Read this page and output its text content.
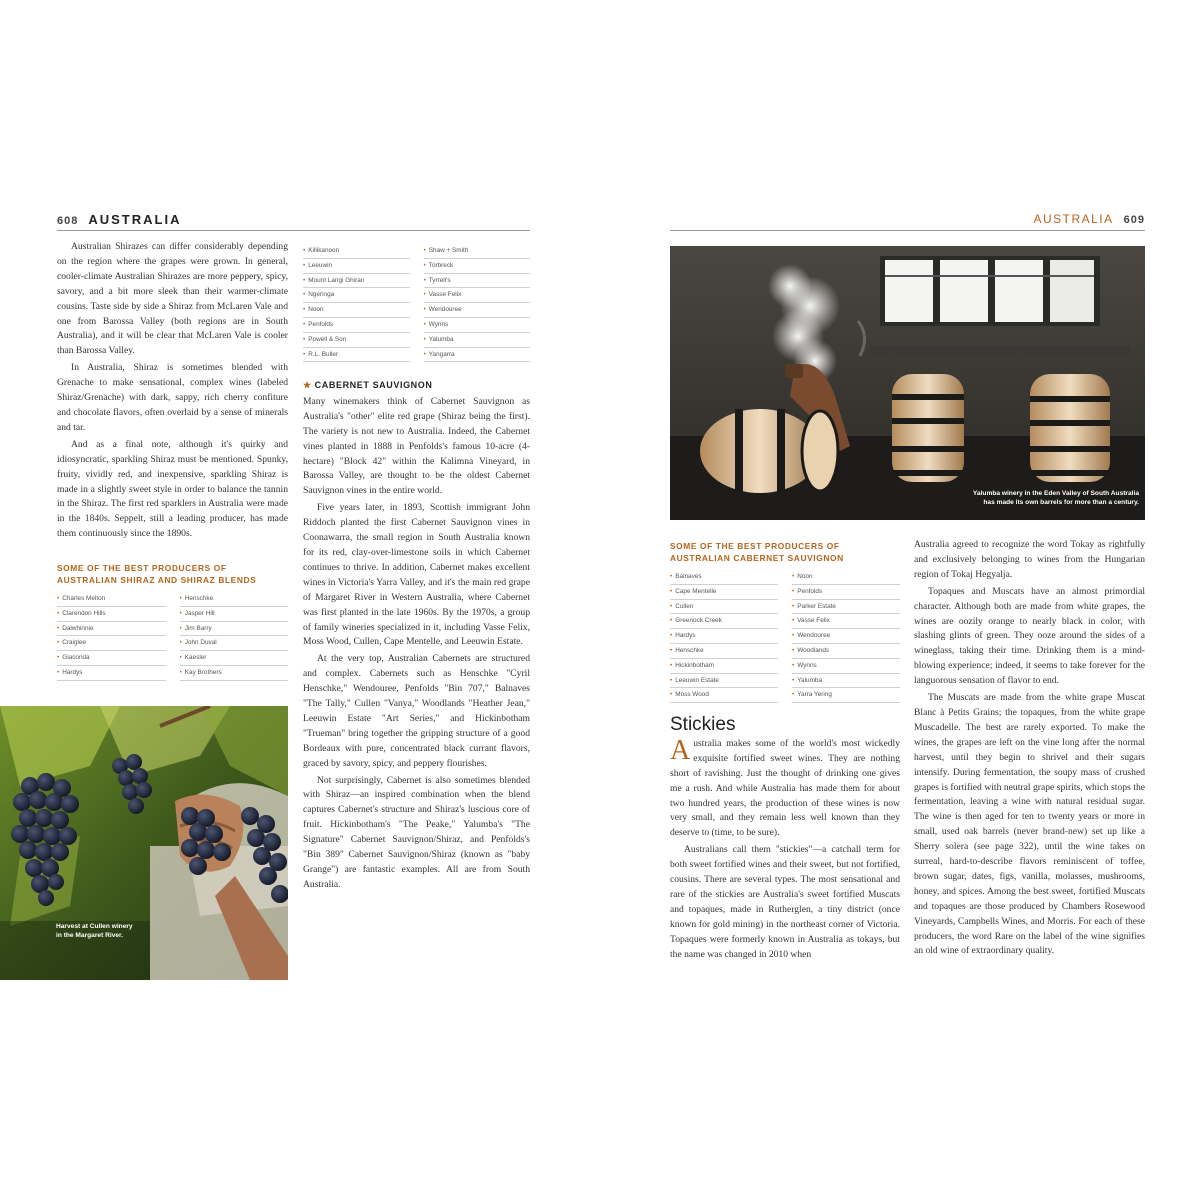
608 AUSTRALIA	AUSTRALIA 609

Australian Shirazes can differ considerably depending on the region where the grapes were grown. In general, cooler-climate Australian Shirazes are more peppery, spicy, savory, and a bit more sleek than their warmer-climate cousins. Taste side by side a Shiraz from McLaren Vale and one from Barossa Valley (both regions are in South Australia), and it will be clear that McLaren Vale is cooler than Barossa Valley.

In Australia, Shiraz is sometimes blended with Grenache to make sensational, complex wines (labeled Shiraz/Grenache) with dark, sappy, rich cherry confiture and chocolate flavors, often overlaid by a sense of minerals and tar.

And as a final note, although it's quirky and idiosyncratic, sparkling Shiraz must be mentioned. Spunky, fruity, vividly red, and inexpensive, sparkling Shiraz is made in a slightly sweet style in order to balance the tannin in the Shiraz. The first red sparklers in Australia were made in the 1840s. Seppelt, still a leading producer, has made them continuously since the 1890s.

SOME OF THE BEST PRODUCERS OF
AUSTRALIAN SHIRAZ AND SHIRAZ BLENDS
• Charles Melton	• Henschke
• Clarendon Hills	• Jasper Hill
• Dalwhinnie	• Jim Barry
• Craiglee	• John Duval
• Giaconda	• Kaesler
• Hardys	• Kay Brothers
Harvest at Cullen winery
in the Margaret River.
• Killikanoon	• Shaw + Smith
• Leeuwin	• Torbreck
• Mount Langi Ghiran	• Tyrrell's
• Ngeringa	• Vasse Felix
• Noon	• Wendouree
• Penfolds	• Wynns
• Powell & Son	• Yalumba
• R.L. Buller	• Yangarra
★ CABERNET SAUVIGNON

Many winemakers think of Cabernet Sauvignon as Australia's "other" elite red grape (Shiraz being the first). The variety is not new to Australia. Indeed, the Cabernet vines planted in 1888 in Penfolds's famous 10-acre (4-hectare) "Block 42" within the Kalimna Vineyard, in Barossa Valley, are thought to be the oldest Cabernet Sauvignon vines in the entire world.

Five years later, in 1893, Scottish immigrant John Riddoch planted the first Cabernet Sauvignon vines in Coonawarra, the small region in South Australia known for its red, clay-over-limestone soils in which Cabernet continues to thrive. In addition, Cabernet makes excellent wines in Victoria's Yarra Valley, and it's the main red grape of Margaret River in Western Australia, where Cabernet was first planted in the late 1960s. By the 1970s, a group of family wineries specialized in it, including Vasse Felix, Moss Wood, Cullen, Cape Mentelle, and Leeuwin Estate.

At the very top, Australian Cabernets are structured and complex. Cabernets such as Henschke "Cyril Henschke," Wendouree, Penfolds "Bin 707," Balnaves "The Tally," Cullen "Vanya," Woodlands "Heather Jean," Leeuwin Estate "Art Series," and Hickinbotham "Trueman" bring together the gripping structure of a good Bordeaux with pure, concentrated black currant flavors, graced by savory, spicy, and peppery flourishes.

Not surprisingly, Cabernet is also sometimes blended with Shiraz—an inspired combination when the blend captures Cabernet's structure and Shiraz's luscious core of fruit. Hickinbotham's "The Peake," Yalumba's "The Signature" Cabernet Sauvignon/Shiraz, and Penfolds's "Bin 389" Cabernet Sauvignon/Shiraz (known as "baby Grange") are fantastic examples. All are from South Australia.

Yalumba winery in the Eden Valley of South Australia
has made its own barrels for more than a century.
SOME OF THE BEST PRODUCERS OF
AUSTRALIAN CABERNET SAUVIGNON
• Balnaves	• Noon
• Cape Mentelle	• Penfolds
• Cullen	• Parker Estate
• Greenock Creek	• Vasse Felix
• Hardys	• Wendouree
• Henschke	• Woodlands
• Hickinbotham	• Wynns
• Leeuwin Estate	• Yalumba
• Moss Wood	• Yarra Yering
Stickies

Australia makes some of the world's most wickedly exquisite fortified sweet wines. They are nothing short of ravishing. Just the thought of drinking one gives me a rush. And while Australia has made them for about two hundred years, the production of these wines is now very small, and they remain less well known than they deserve to (time, to be sure).

Australians call them "stickies"—a catchall term for both sweet fortified wines and their sweet, but not fortified, cousins. There are several types. The most sensational and rare of the stickies are Australia's sweet fortified Muscats and topaques, made in Rutherglen, a tiny district (once known for gold mining) in the northeast corner of Victoria. Topaques were formerly known in Australia as tokays, but the name was changed in 2010 when

Australia agreed to recognize the word Tokay as rightfully and exclusively belonging to wines from the Hungarian region of Tokaj Hegyalja.

Topaques and Muscats have an almost primordial character. Although both are made from white grapes, the wines are oozily orange to nearly black in color, with slashing glints of green. They ooze around the sides of a wineglass, taking their time. Drinking them is a mind-blowing experience; indeed, it seems to take forever for the languorous sensation of flavor to end.

The Muscats are made from the white grape Muscat Blanc à Petits Grains; the topaques, from the white grape Muscadelle. The best are rarely exported. To make the wines, the grapes are left on the vine long after the normal harvest, until they begin to shrivel and their sugars intensify. During fermentation, the soupy mass of crushed grapes is fortified with neutral grape spirits, which stops the fermentation, leaving a wine with natural residual sugar. The wine is then aged for ten to twenty years or more in small, used oak barrels (never brand-new) set up like a Sherry solera (see page 322), until the wine takes on surreal, hard-to-describe flavors reminiscent of toffee, brown sugar, dates, figs, vanilla, molasses, mushrooms, honey, and spices. Among the best sweet, fortified Muscats and topaques are those produced by Chambers Rosewood Vineyards, Campbells Wines, and Morris. For each of these producers, the word Rare on the label of the wine signifies an old wine of extraordinary quality.
